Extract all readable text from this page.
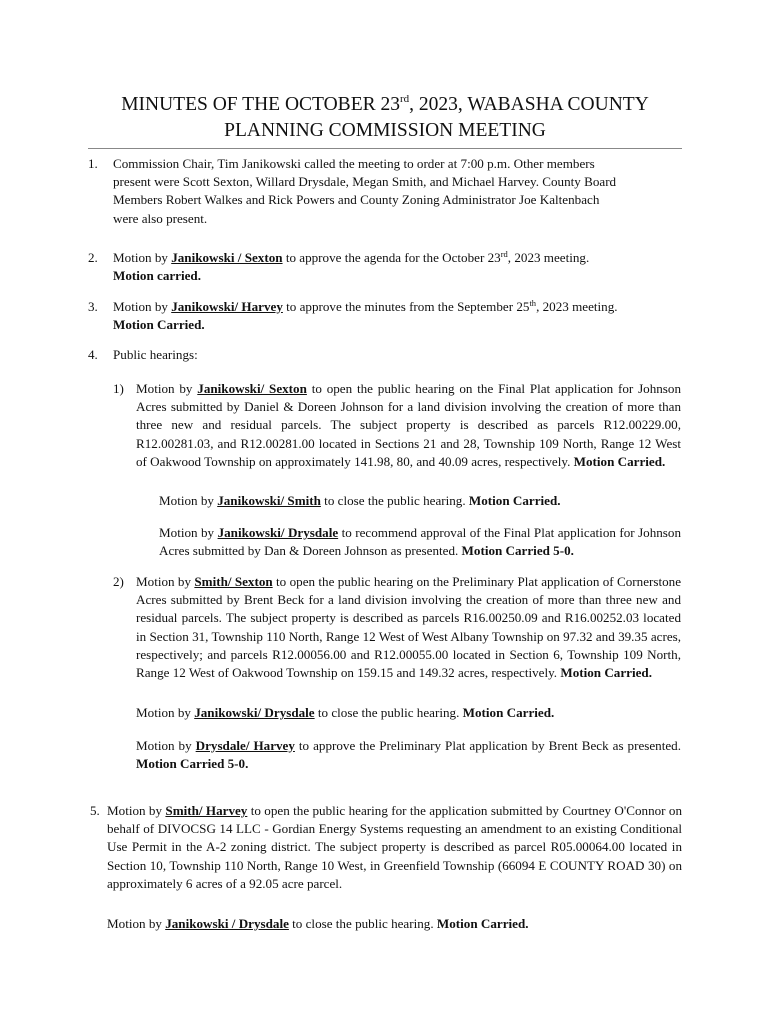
MINUTES OF THE OCTOBER 23rd, 2023, WABASHA COUNTY
PLANNING COMMISSION MEETING

1. Commission Chair, Tim Janikowski called the meeting to order at 7:00 p.m. Other members present were Scott Sexton, Willard Drysdale, Megan Smith, and Michael Harvey. County Board Members Robert Walkes and Rick Powers and County Zoning Administrator Joe Kaltenbach were also present.

2. Motion by Janikowski / Sexton to approve the agenda for the October 23rd, 2023 meeting.
Motion carried.

3. Motion by Janikowski/ Harvey to approve the minutes from the September 25th, 2023 meeting.
Motion Carried.

4. Public hearings:

1) Motion by Janikowski/ Sexton to open the public hearing on the Final Plat application for Johnson Acres submitted by Daniel & Doreen Johnson for a land division involving the creation of more than three new and residual parcels. The subject property is described as parcels R12.00229.00, R12.00281.03, and R12.00281.00 located in Sections 21 and 28, Township 109 North, Range 12 West of Oakwood Township on approximately 141.98, 80, and 40.09 acres, respectively. Motion Carried.

Motion by Janikowski/ Smith to close the public hearing. Motion Carried.

Motion by Janikowski/ Drysdale to recommend approval of the Final Plat application for Johnson Acres submitted by Dan & Doreen Johnson as presented. Motion Carried 5-0.

2) Motion by Smith/ Sexton to open the public hearing on the Preliminary Plat application of Cornerstone Acres submitted by Brent Beck for a land division involving the creation of more than three new and residual parcels. The subject property is described as parcels R16.00250.09 and R16.00252.03 located in Section 31, Township 110 North, Range 12 West of West Albany Township on 97.32 and 39.35 acres, respectively; and parcels R12.00056.00 and R12.00055.00 located in Section 6, Township 109 North, Range 12 West of Oakwood Township on 159.15 and 149.32 acres, respectively. Motion Carried.

Motion by Janikowski/ Drysdale to close the public hearing. Motion Carried.

Motion by Drysdale/ Harvey to approve the Preliminary Plat application by Brent Beck as presented. Motion Carried 5-0.

5. Motion by Smith/ Harvey to open the public hearing for the application submitted by Courtney O'Connor on behalf of DIVOCSG 14 LLC - Gordian Energy Systems requesting an amendment to an existing Conditional Use Permit in the A-2 zoning district. The subject property is described as parcel R05.00064.00 located in Section 10, Township 110 North, Range 10 West, in Greenfield Township (66094 E COUNTY ROAD 30) on approximately 6 acres of a 92.05 acre parcel.

Motion by Janikowski / Drysdale to close the public hearing. Motion Carried.
